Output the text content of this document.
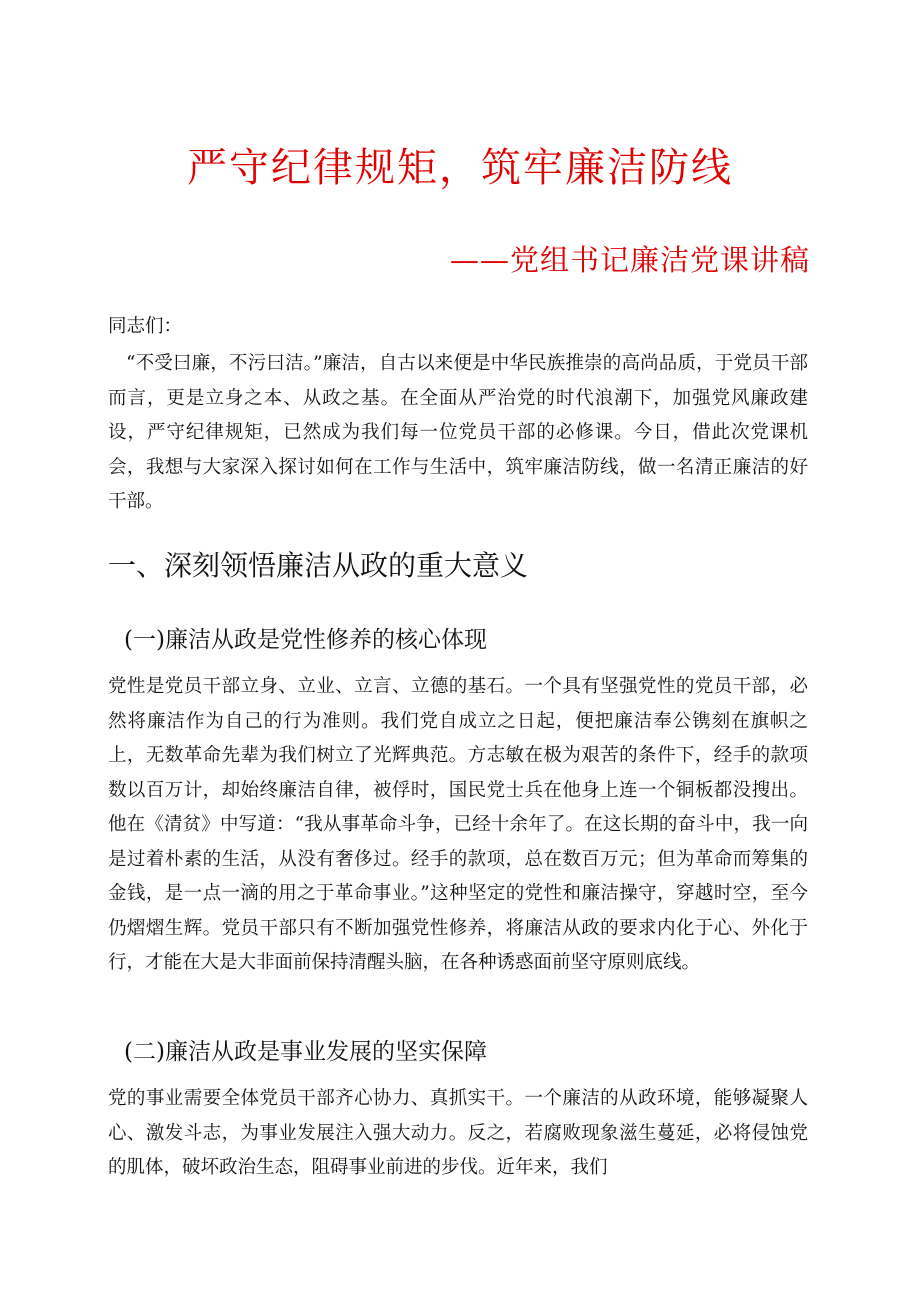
严守纪律规矩，筑牢廉洁防线
——党组书记廉洁党课讲稿
同志们：
“不受曰廉，不污曰洁。”廉洁，自古以来便是中华民族推崇的高尚品质，于党员干部而言，更是立身之本、从政之基。在全面从严治党的时代浪潮下，加强党风廉政建设，严守纪律规矩，已然成为我们每一位党员干部的必修课。今日，借此次党课机会，我想与大家深入探讨如何在工作与生活中，筑牢廉洁防线，做一名清正廉洁的好干部。
一、深刻领悟廉洁从政的重大意义
(一)廉洁从政是党性修养的核心体现
党性是党员干部立身、立业、立言、立德的基石。一个具有坚强党性的党员干部，必然将廉洁作为自己的行为准则。我们党自成立之日起，便把廉洁奉公镌刻在旗帜之上，无数革命先辈为我们树立了光辉典范。方志敏在极为艰苦的条件下，经手的款项数以百万计，却始终廉洁自律，被俘时，国民党士兵在他身上连一个铜板都没搜出。他在《清贫》中写道：“我从事革命斗争，已经十余年了。在这长期的奋斗中，我一向是过着朴素的生活，从没有奢侈过。经手的款项，总在数百万元；但为革命而筹集的金钱，是一点一滴的用之于革命事业。”这种坚定的党性和廉洁操守，穿越时空，至今仍熠熠生辉。党员干部只有不断加强党性修养，将廉洁从政的要求内化于心、外化于行，才能在大是大非面前保持清醒头脑，在各种诱惑面前坚守原则底线。
(二)廉洁从政是事业发展的坚实保障
党的事业需要全体党员干部齐心协力、真抓实干。一个廉洁的从政环境，能够凝聚人心、激发斗志，为事业发展注入强大动力。反之，若腐败现象滋生蔓延，必将侵蚀党的肌体，破坏政治生态，阻碍事业前进的步伐。近年来，我们
